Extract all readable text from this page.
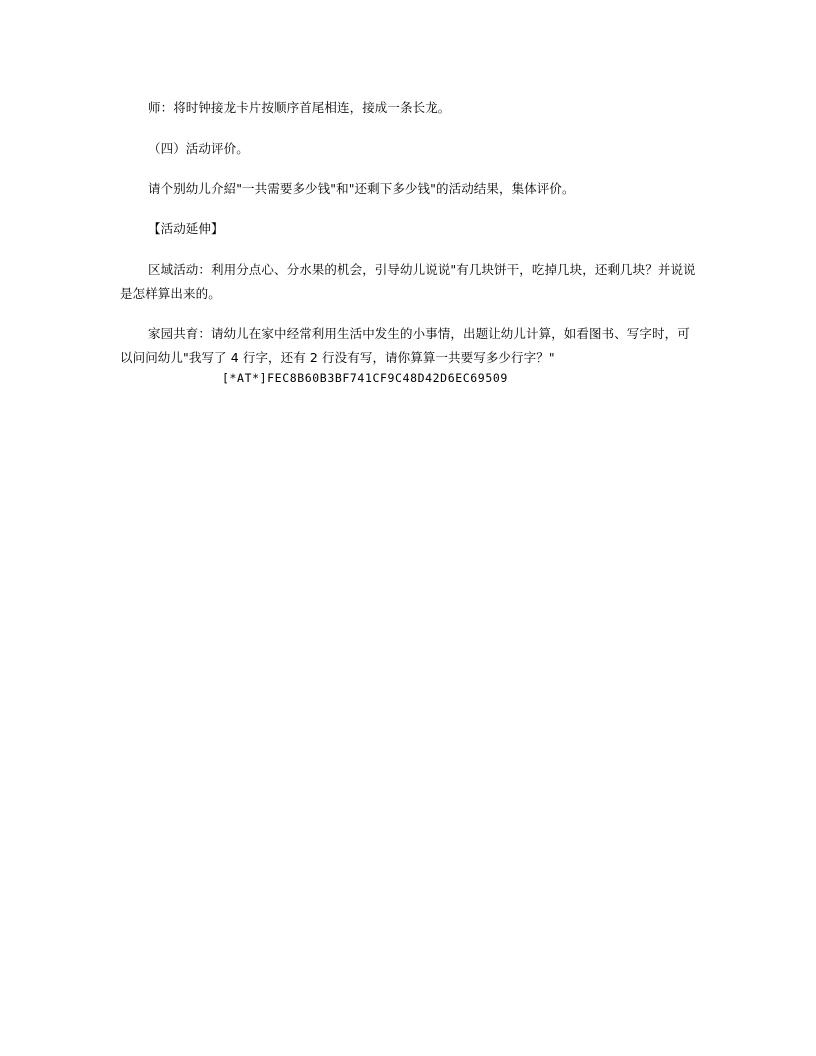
师：将时钟接龙卡片按顺序首尾相连，接成一条长龙。

（四）活动评价。

请个别幼儿介紹"一共需要多少钱"和"还剩下多少钱"的活动结果，集体评价。

【活动延伸】

区域活动：利用分点心、分水果的机会，引导幼儿说说"有几块饼干，吃掉几块，还剩几块？并说说是怎样算出来的。

家园共育：请幼儿在家中经常利用生活中发生的小事情，出题让幼儿计算，如看图书、写字时，可以问问幼儿"我写了 4 行字，还有 2 行没有写，请你算算一共要写多少行字？"

[*AT*]FEC8B60B3BF741CF9C48D42D6EC69509
